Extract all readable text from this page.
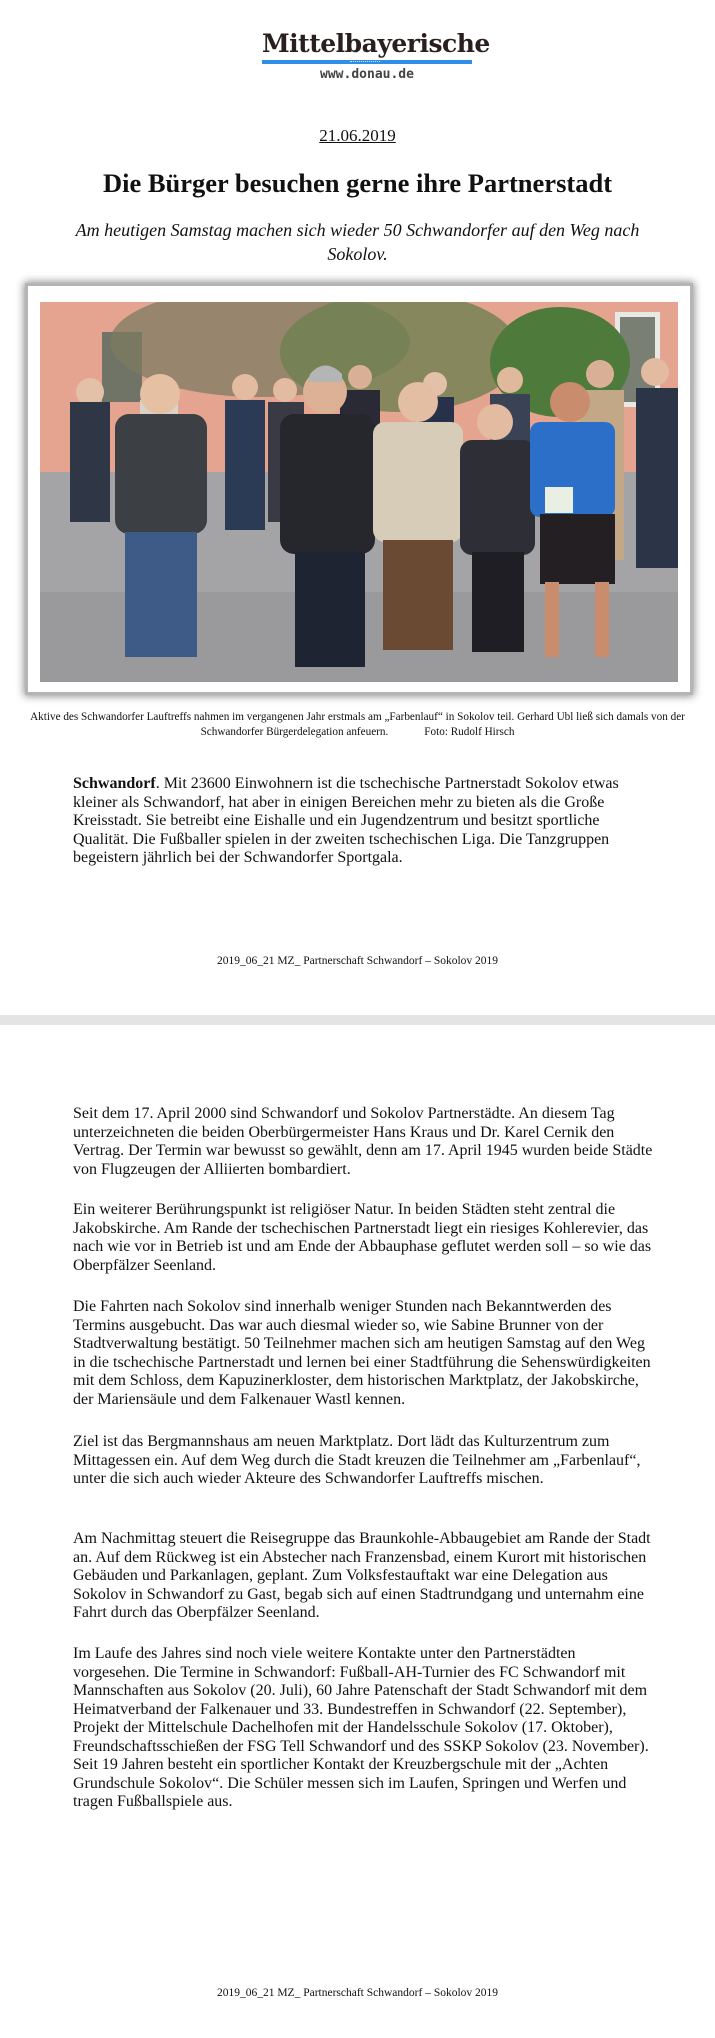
Mittelbayerische
www.donau.de
21.06.2019
Die Bürger besuchen gerne ihre Partnerstadt
Am heutigen Samstag machen sich wieder 50 Schwandorfer auf den Weg nach Sokolov.
Aktive des Schwandorfer Lauftreffs nahmen im vergangenen Jahr erstmals am „Farbenlauf“ in Sokolov teil. Gerhard Ubl ließ sich damals von der Schwandorfer Bürgerdelegation anfeuern.	Foto: Rudolf Hirsch

Schwandorf. Mit 23600 Einwohnern ist die tschechische Partnerstadt Sokolov etwas kleiner als Schwandorf, hat aber in einigen Bereichen mehr zu bieten als die Große Kreisstadt. Sie betreibt eine Eishalle und ein Jugendzentrum und besitzt sportliche Qualität. Die Fußballer spielen in der zweiten tschechischen Liga. Die Tanzgruppen begeistern jährlich bei der Schwandorfer Sportgala.

2019_06_21 MZ_ Partnerschaft Schwandorf – Sokolov 2019

Seit dem 17. April 2000 sind Schwandorf und Sokolov Partnerstädte. An diesem Tag unterzeichneten die beiden Oberbürgermeister Hans Kraus und Dr. Karel Cernik den Vertrag. Der Termin war bewusst so gewählt, denn am 17. April 1945 wurden beide Städte von Flugzeugen der Alliierten bombardiert.

Ein weiterer Berührungspunkt ist religiöser Natur. In beiden Städten steht zentral die Jakobskirche. Am Rande der tschechischen Partnerstadt liegt ein riesiges Kohlerevier, das nach wie vor in Betrieb ist und am Ende der Abbauphase geflutet werden soll – so wie das Oberpfälzer Seenland.

Die Fahrten nach Sokolov sind innerhalb weniger Stunden nach Bekanntwerden des Termins ausgebucht. Das war auch diesmal wieder so, wie Sabine Brunner von der Stadtverwaltung bestätigt. 50 Teilnehmer machen sich am heutigen Samstag auf den Weg in die tschechische Partnerstadt und lernen bei einer Stadtführung die Sehenswürdigkeiten mit dem Schloss, dem Kapuzinerkloster, dem historischen Marktplatz, der Jakobskirche, der Mariensäule und dem Falkenauer Wastl kennen.

Ziel ist das Bergmannshaus am neuen Marktplatz. Dort lädt das Kulturzentrum zum Mittagessen ein. Auf dem Weg durch die Stadt kreuzen die Teilnehmer am „Farbenlauf“, unter die sich auch wieder Akteure des Schwandorfer Lauftreffs mischen.

Am Nachmittag steuert die Reisegruppe das Braunkohle-Abbaugebiet am Rande der Stadt an. Auf dem Rückweg ist ein Abstecher nach Franzensbad, einem Kurort mit historischen Gebäuden und Parkanlagen, geplant. Zum Volksfestauftakt war eine Delegation aus Sokolov in Schwandorf zu Gast, begab sich auf einen Stadtrundgang und unternahm eine Fahrt durch das Oberpfälzer Seenland.

Im Laufe des Jahres sind noch viele weitere Kontakte unter den Partnerstädten vorgesehen. Die Termine in Schwandorf: Fußball-AH-Turnier des FC Schwandorf mit Mannschaften aus Sokolov (20. Juli), 60 Jahre Patenschaft der Stadt Schwandorf mit dem Heimatverband der Falkenauer und 33. Bundestreffen in Schwandorf (22. September), Projekt der Mittelschule Dachelhofen mit der Handelsschule Sokolov (17. Oktober), Freundschaftsschießen der FSG Tell Schwandorf und des SSKP Sokolov (23. November). Seit 19 Jahren besteht ein sportlicher Kontakt der Kreuzbergschule mit der „Achten Grundschule Sokolov“. Die Schüler messen sich im Laufen, Springen und Werfen und tragen Fußballspiele aus.

2019_06_21 MZ_ Partnerschaft Schwandorf – Sokolov 2019
